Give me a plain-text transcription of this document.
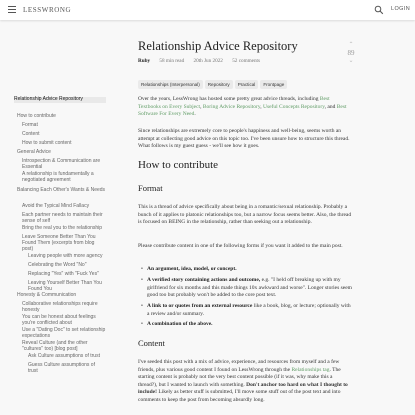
LESSWRONG	LOGIN
⌃
89
⌄
Relationship Advice Repository
Ruby 58 min read 20th Jun 2022 52 comments
Relationships (Interpersonal) Repository Practical Frontpage
Relationship Advice Repository
How to contribute
Format
Content
How to submit content
General Advice
Introspection & Communication are Essential
A relationship is fundamentally a negotiated agreement
Balancing Each Other's Wants & Needs
Avoid the Typical Mind Fallacy
Each partner needs to maintain their sense of self
Bring the real you to the relationship
Leave Someone Better Than You Found Them (excerpts from blog post)
Leaving people with more agency
Celebrating the Word "No"
Replacing "Yes" with "Fuck Yes"
Leaving Yourself Better Than You Found You
Honesty & Communication
Collaborative relationships require honesty
You can be honest about feelings you're conflicted about
Use a "Dating Doc" to set relationship expectations
Reveal Culture (and the other "cultures" too) [blog post]
Ask Culture assumptions of trust
Guess Culture assumptions of trust

Over the years, LessWrong has hosted some pretty great advice threads, including Best Textbooks on Every Subject, Boring Advice Repository, Useful Concepts Repository, and Best Software For Every Need.

Since relationships are extremely core to people's happiness and well-being, seems worth an attempt at collecting good advice on this topic too. I've been unsure how to structure this thread. What follows is my guest guess - we'll see how it goes.

How to contribute
Format

This is a thread of advice specifically about being in a romantic/sexual relationship. Probably a bunch of it applies to platonic relationships too, but a narrow focus seems better. Also, the thread is focused on BEING in the relationship, rather than seeking out a relationship.

Please contribute content in one of the following forms if you want it added to the main post.

• An argument, idea, model, or concept.
• A verified story containing actions and outcome, e.g. "I held off breaking up with my girlfriend for six months and this made things 10x awkward and worse". Longer stories seem good too but probably won't be added to the core post text.
• A link to or quotes from an external resource like a book, blog, or lecture; optionally with a review and/or summary.
• A combination of the above.
Content

I've seeded this post with a mix of advice, experience, and resources from myself and a few friends, plus various good content I found on LessWrong through the Relationships tag. The starting content is probably not the very best content possible (if it was, why make this a thread?), but I wanted to launch with something. Don't anchor too hard on what I thought to include! Likely as better stuff is submitted, I'll move some stuff out of the post text and into comments to keep the post from becoming absurdly long.
